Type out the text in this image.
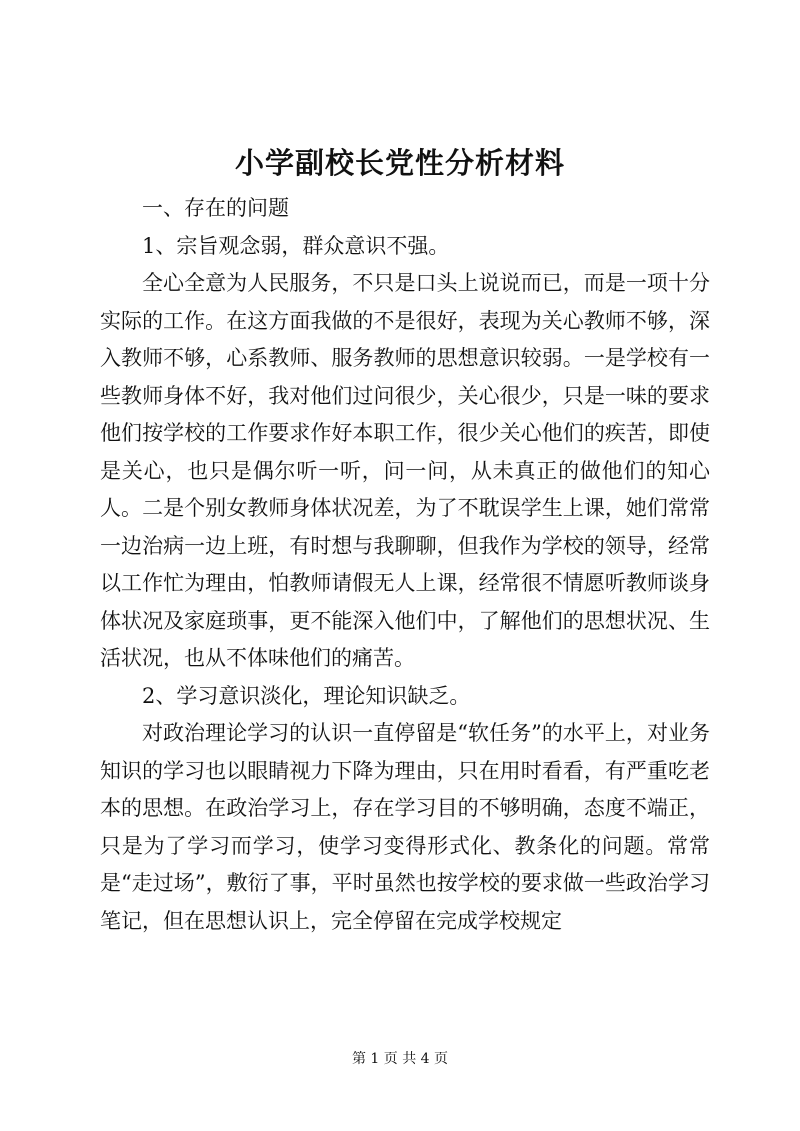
小学副校长党性分析材料

一、存在的问题

1、宗旨观念弱，群众意识不强。

全心全意为人民服务，不只是口头上说说而已，而是一项十分实际的工作。在这方面我做的不是很好，表现为关心教师不够，深入教师不够，心系教师、服务教师的思想意识较弱。一是学校有一些教师身体不好，我对他们过问很少，关心很少，只是一味的要求他们按学校的工作要求作好本职工作，很少关心他们的疾苦，即使是关心，也只是偶尔听一听，问一问，从未真正的做他们的知心人。二是个别女教师身体状况差，为了不耽误学生上课，她们常常一边治病一边上班，有时想与我聊聊，但我作为学校的领导，经常以工作忙为理由，怕教师请假无人上课，经常很不情愿听教师谈身体状况及家庭琐事，更不能深入他们中，了解他们的思想状况、生活状况，也从不体味他们的痛苦。

2、学习意识淡化，理论知识缺乏。

对政治理论学习的认识一直停留是“软任务”的水平上，对业务知识的学习也以眼睛视力下降为理由，只在用时看看，有严重吃老本的思想。在政治学习上，存在学习目的不够明确，态度不端正，只是为了学习而学习，使学习变得形式化、教条化的问题。常常是“走过场”，敷衍了事，平时虽然也按学校的要求做一些政治学习笔记，但在思想认识上，完全停留在完成学校规定

第 1 页 共 4 页
